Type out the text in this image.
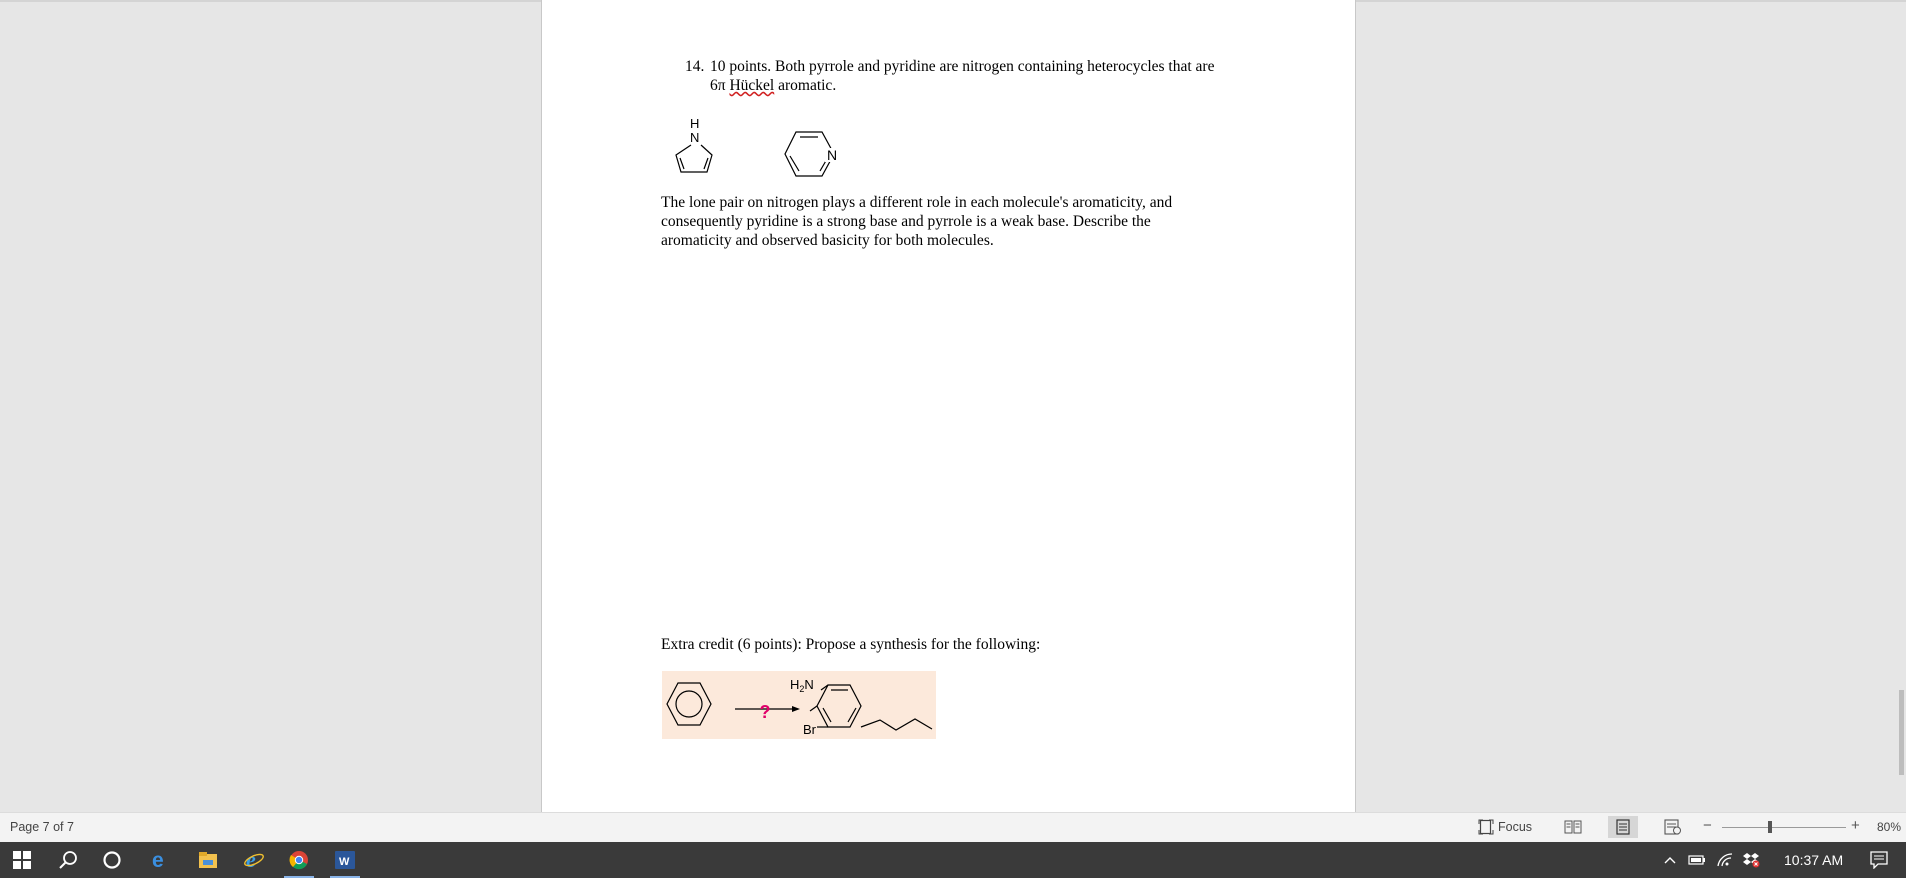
14. 10 points. Both pyrrole and pyridine are nitrogen containing heterocycles that are
6π Hückel aromatic.
H
N
N
The lone pair on nitrogen plays a different role in each molecule's aromaticity, and
consequently pyridine is a strong base and pyrrole is a weak base. Describe the
aromaticity and observed basicity for both molecules.
Extra credit (6 points): Propose a synthesis for the following:
?
$H_2N$
Br
Page 7 of 7	Focus	−	+ 80%
e	e	W	10:37 AM
